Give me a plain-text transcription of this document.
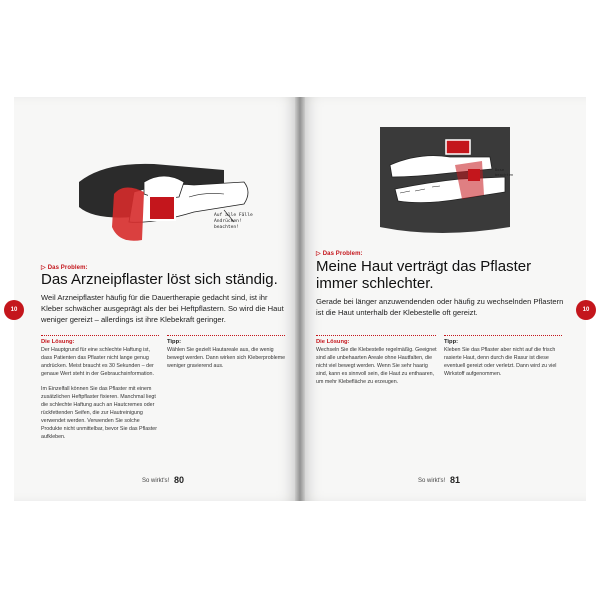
Auf alle Fälle Andrücken! beachten!
▷ Das Problem:
Das Arzneipflaster löst sich ständig.
Weil Arzneipflaster häufig für die Dauertherapie gedacht sind, ist ihr Kleber schwächer ausgeprägt als der bei Heftpflastern. So wird die Haut weniger gereizt – allerdings ist ihre Klebekraft geringer.
10
Die Lösung:

Der Hauptgrund für eine schlechte Haftung ist, dass Patienten das Pflaster nicht lange genug andrücken. Meist braucht es 30 Sekunden – der genaue Wert steht in der Gebrauchsinformation.

Im Einzelfall können Sie das Pflaster mit einem zusätzlichen Heftpflaster fixieren. Manchmal liegt die schlechte Haftung auch an Hautcremes oder rückfettenden Seifen, die zur Hautreinigung verwendet werden. Verwenden Sie solche Produkte nicht unmittelbar, bevor Sie das Pflaster aufkleben.

Tipp:
Wählen Sie gezielt Hautareale aus, die wenig bewegt werden. Dann wirken sich Kleberprobleme weniger gravierend aus.
So wirkt's! 80
Dose beachten
▷ Das Problem:
Meine Haut verträgt das Pflaster immer schlechter.
Gerade bei länger anzuwendenden oder häufig zu wechselnden Pflastern ist die Haut unterhalb der Klebestelle oft gereizt.	10
Die Lösung:
Wechseln Sie die Klebestelle regelmäßig. Geeignet sind alle unbehaarten Areale ohne Hautfalten, die nicht viel bewegt werden. Wenn Sie sehr haarig sind, kann es sinnvoll sein, die Haut zu enthaaren, um mehr Klebefläche zu erzeugen.
Tipp:
Kleben Sie das Pflaster aber nicht auf die frisch rasierte Haut, denn durch die Rasur ist diese eventuell gereizt oder verletzt. Dann wird zu viel Wirkstoff aufgenommen.
So wirkt's! 81
